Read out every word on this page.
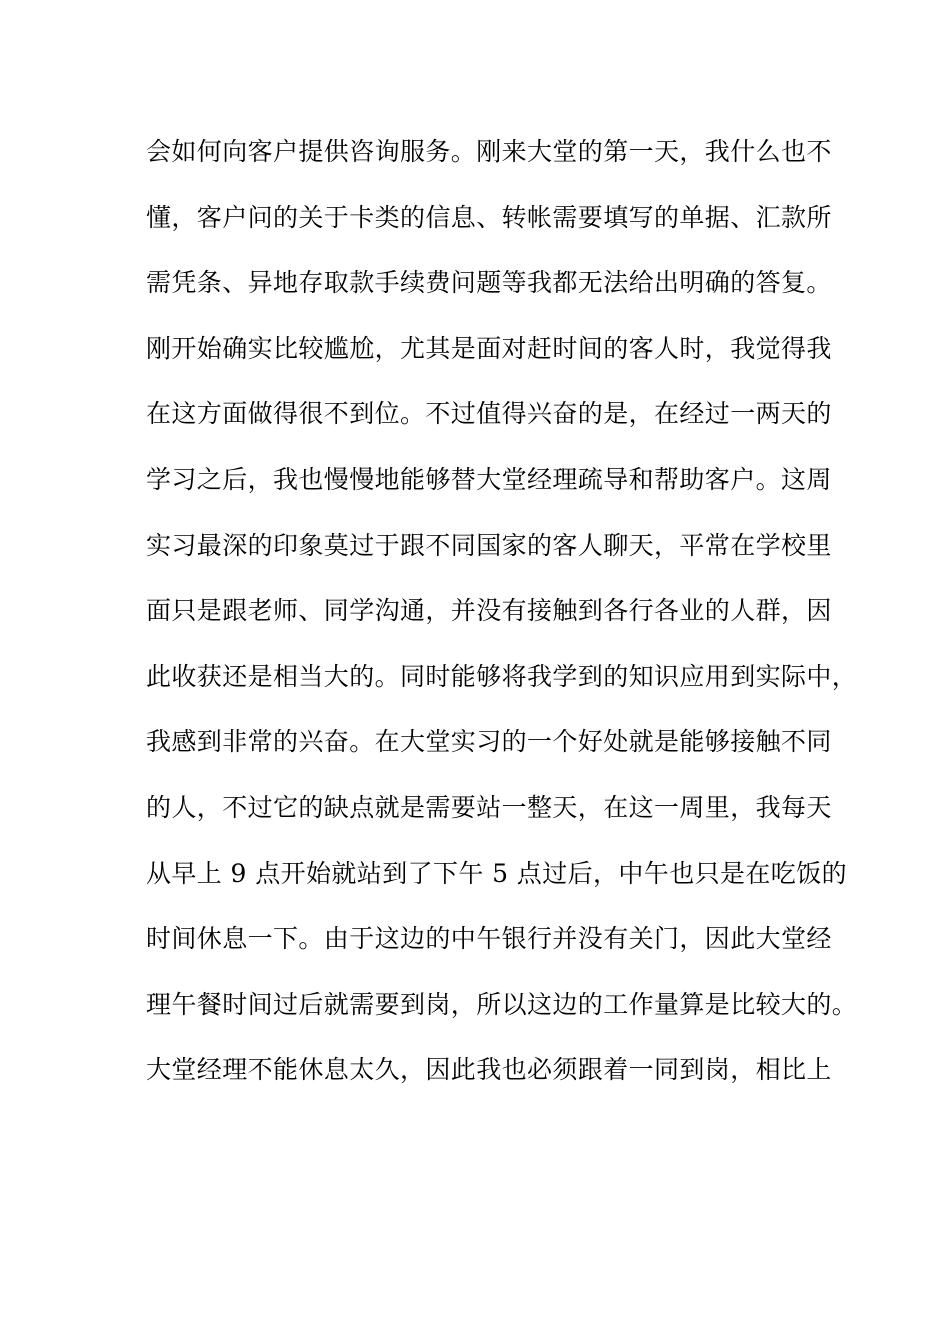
会如何向客户提供咨询服务。刚来大堂的第一天，我什么也不
懂，客户问的关于卡类的信息、转帐需要填写的单据、汇款所
需凭条、异地存取款手续费问题等我都无法给出明确的答复。
刚开始确实比较尴尬，尤其是面对赶时间的客人时，我觉得我
在这方面做得很不到位。不过值得兴奋的是，在经过一两天的
学习之后，我也慢慢地能够替大堂经理疏导和帮助客户。这周
实习最深的印象莫过于跟不同国家的客人聊天，平常在学校里
面只是跟老师、同学沟通，并没有接触到各行各业的人群，因
此收获还是相当大的。同时能够将我学到的知识应用到实际中，
我感到非常的兴奋。在大堂实习的一个好处就是能够接触不同
的人，不过它的缺点就是需要站一整天，在这一周里，我每天
从早上 9 点开始就站到了下午 5 点过后，中午也只是在吃饭的
时间休息一下。由于这边的中午银行并没有关门，因此大堂经
理午餐时间过后就需要到岗，所以这边的工作量算是比较大的。
大堂经理不能休息太久，因此我也必须跟着一同到岗，相比上
